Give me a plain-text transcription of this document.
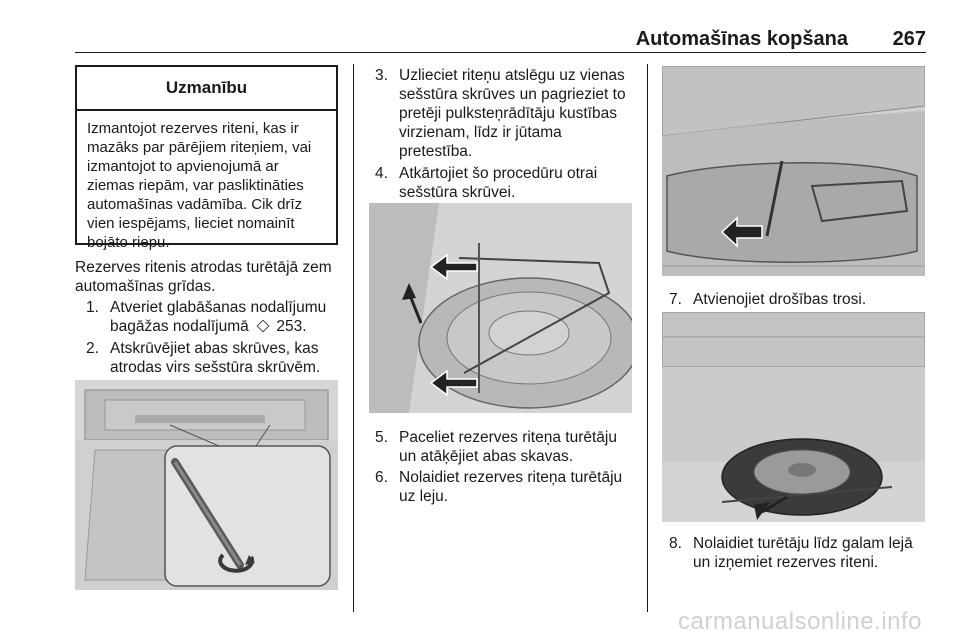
Automašīnas kopšana 267
Uzmanību
Izmantojot rezerves riteni, kas ir mazāks par pārējiem riteņiem, vai izmantojot to apvienojumā ar ziemas riepām, var pasliktināties automašīnas vadāmība. Cik drīz vien iespējams, lieciet nomainīt bojāto riepu.
Rezerves ritenis atrodas turētājā zem automašīnas grīdas.
1. Atveriet glabāšanas nodalījumu bagāžas nodalījumā 253.
2. Atskrūvējiet abas skrūves, kas atrodas virs sešstūra skrūvēm.
3. Uzlieciet riteņu atslēgu uz vienas sešstūra skrūves un pagrieziet to pretēji pulksteņrādītāju kustības virzienam, līdz ir jūtama pretestība.
4. Atkārtojiet šo procedūru otrai sešstūra skrūvei.
5. Paceliet rezerves riteņa turētāju un atāķējiet abas skavas.
6. Nolaidiet rezerves riteņa turētāju uz leju.
7. Atvienojiet drošības trosi.
8. Nolaidiet turētāju līdz galam lejā un izņemiet rezerves riteni.
carmanualsonline.info
